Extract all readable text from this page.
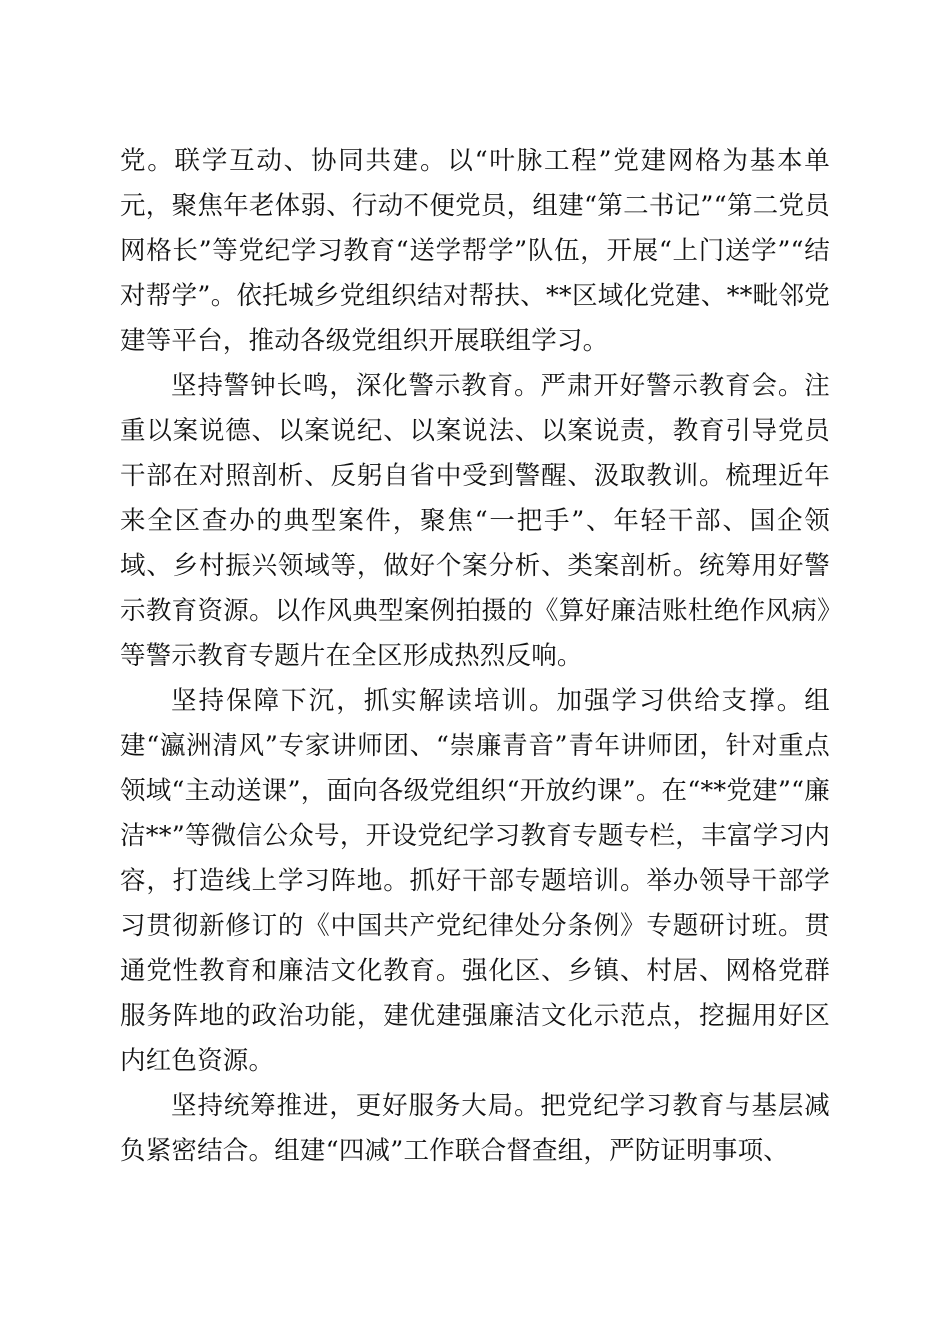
党。联学互动、协同共建。以“叶脉工程”党建网格为基本单元，聚焦年老体弱、行动不便党员，组建“第二书记”“第二党员网格长”等党纪学习教育“送学帮学”队伍，开展“上门送学”“结对帮学”。依托城乡党组织结对帮扶、**区域化党建、**毗邻党建等平台，推动各级党组织开展联组学习。

坚持警钟长鸣，深化警示教育。严肃开好警示教育会。注重以案说德、以案说纪、以案说法、以案说责，教育引导党员干部在对照剖析、反躬自省中受到警醒、汲取教训。梳理近年来全区查办的典型案件，聚焦“一把手”、年轻干部、国企领域、乡村振兴领域等，做好个案分析、类案剖析。统筹用好警示教育资源。以作风典型案例拍摄的《算好廉洁账杜绝作风病》等警示教育专题片在全区形成热烈反响。

坚持保障下沉，抓实解读培训。加强学习供给支撑。组建“瀛洲清风”专家讲师团、“崇廉青音”青年讲师团，针对重点领域“主动送课”，面向各级党组织“开放约课”。在“**党建”“廉洁**”等微信公众号，开设党纪学习教育专题专栏，丰富学习内容，打造线上学习阵地。抓好干部专题培训。举办领导干部学习贯彻新修订的《中国共产党纪律处分条例》专题研讨班。贯通党性教育和廉洁文化教育。强化区、乡镇、村居、网格党群服务阵地的政治功能，建优建强廉洁文化示范点，挖掘用好区内红色资源。

坚持统筹推进，更好服务大局。把党纪学习教育与基层减负紧密结合。组建“四减”工作联合督查组，严防证明事项、
